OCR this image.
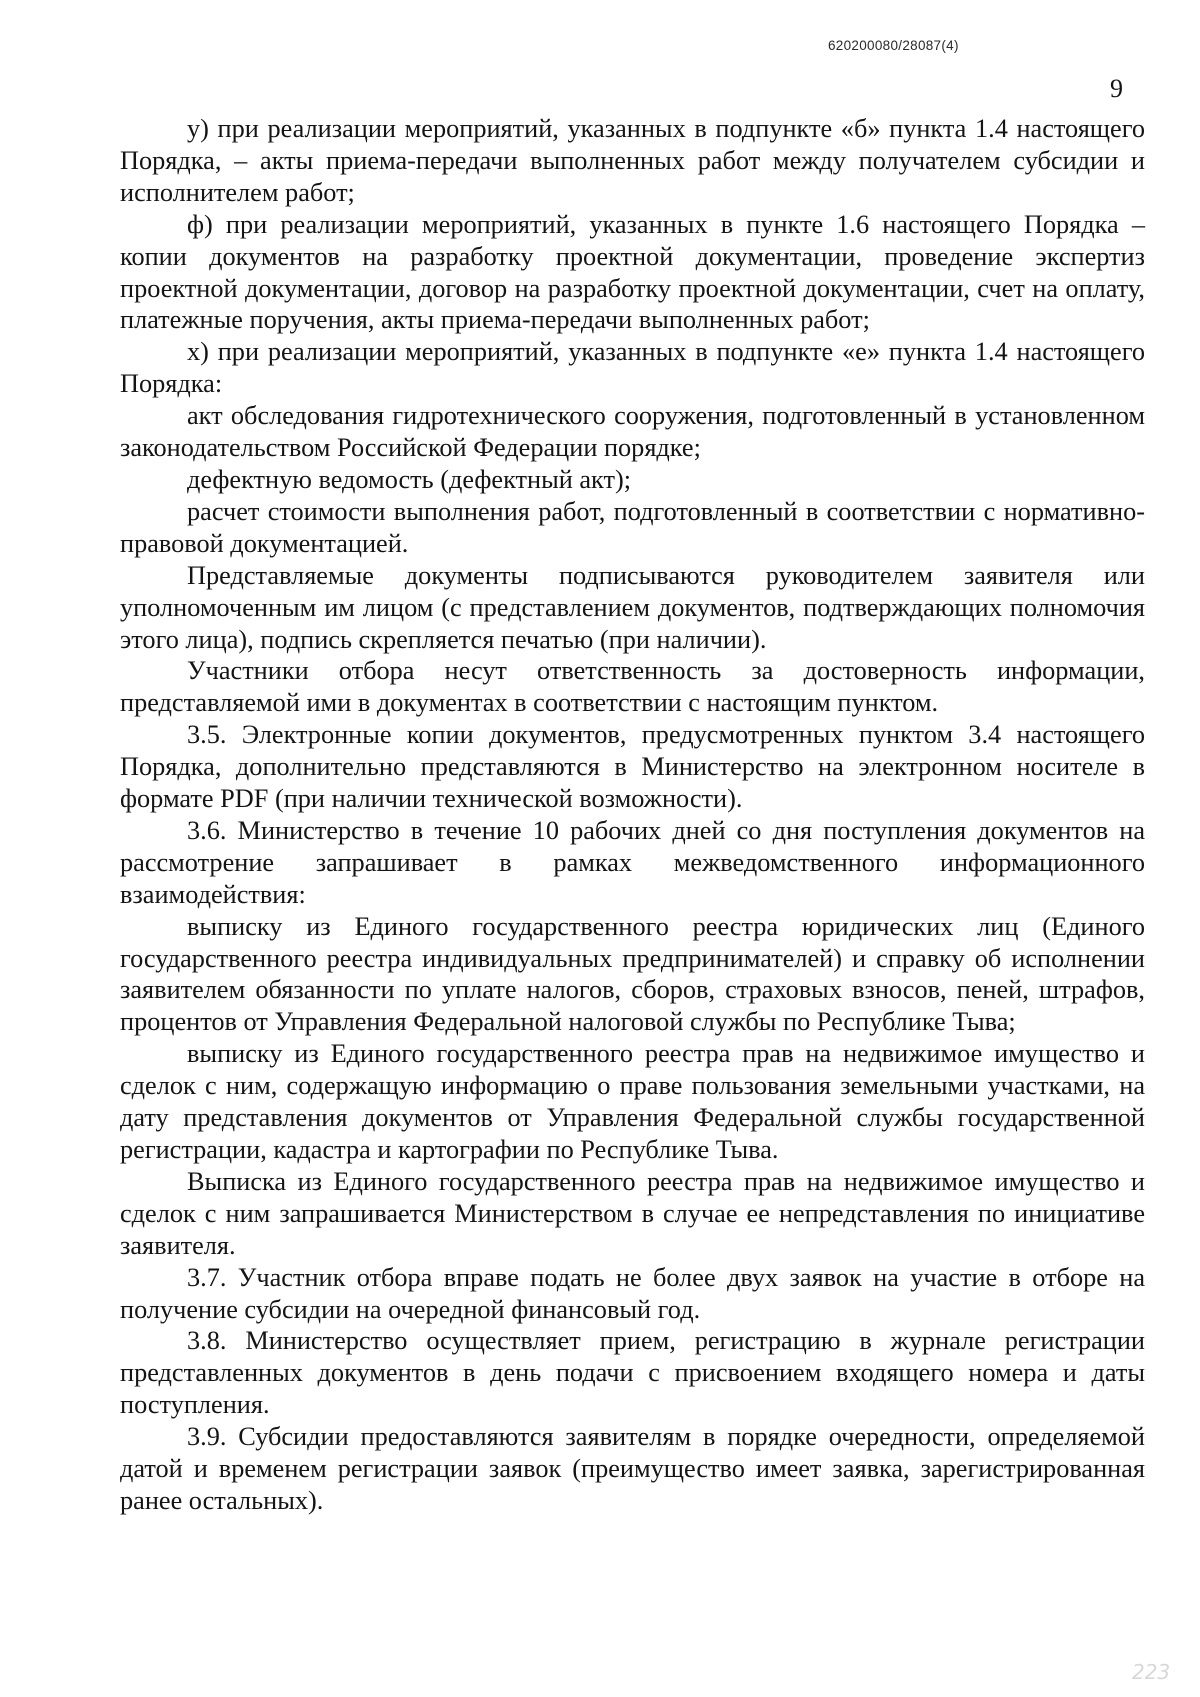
620200080/28087(4)
9

у) при реализации мероприятий, указанных в подпункте «б» пункта 1.4 настоящего Порядка, – акты приема-передачи выполненных работ между получателем субсидии и исполнителем работ;

ф) при реализации мероприятий, указанных в пункте 1.6 настоящего Порядка – копии документов на разработку проектной документации, проведение экспертиз проектной документации, договор на разработку проектной документации, счет на оплату, платежные поручения, акты приема-передачи выполненных работ;

х) при реализации мероприятий, указанных в подпункте «е» пункта 1.4 настоящего Порядка:

акт обследования гидротехнического сооружения, подготовленный в установленном законодательством Российской Федерации порядке;

дефектную ведомость (дефектный акт);

расчет стоимости выполнения работ, подготовленный в соответствии с нормативно-правовой документацией.

Представляемые документы подписываются руководителем заявителя или уполномоченным им лицом (с представлением документов, подтверждающих полномочия этого лица), подпись скрепляется печатью (при наличии).

Участники отбора несут ответственность за достоверность информации, представляемой ими в документах в соответствии с настоящим пунктом.

3.5. Электронные копии документов, предусмотренных пунктом 3.4 настоящего Порядка, дополнительно представляются в Министерство на электронном носителе в формате PDF (при наличии технической возможности).

3.6. Министерство в течение 10 рабочих дней со дня поступления документов на рассмотрение запрашивает в рамках межведомственного информационного взаимодействия:

выписку из Единого государственного реестра юридических лиц (Единого государственного реестра индивидуальных предпринимателей) и справку об исполнении заявителем обязанности по уплате налогов, сборов, страховых взносов, пеней, штрафов, процентов от Управления Федеральной налоговой службы по Республике Тыва;

выписку из Единого государственного реестра прав на недвижимое имущество и сделок с ним, содержащую информацию о праве пользования земельными участками, на дату представления документов от Управления Федеральной службы государственной регистрации, кадастра и картографии по Республике Тыва.

Выписка из Единого государственного реестра прав на недвижимое имущество и сделок с ним запрашивается Министерством в случае ее непредставления по инициативе заявителя.

3.7. Участник отбора вправе подать не более двух заявок на участие в отборе на получение субсидии на очередной финансовый год.

3.8. Министерство осуществляет прием, регистрацию в журнале регистрации представленных документов в день подачи с присвоением входящего номера и даты поступления.

3.9. Субсидии предоставляются заявителям в порядке очередности, определяемой датой и временем регистрации заявок (преимущество имеет заявка, зарегистрированная ранее остальных).

223
